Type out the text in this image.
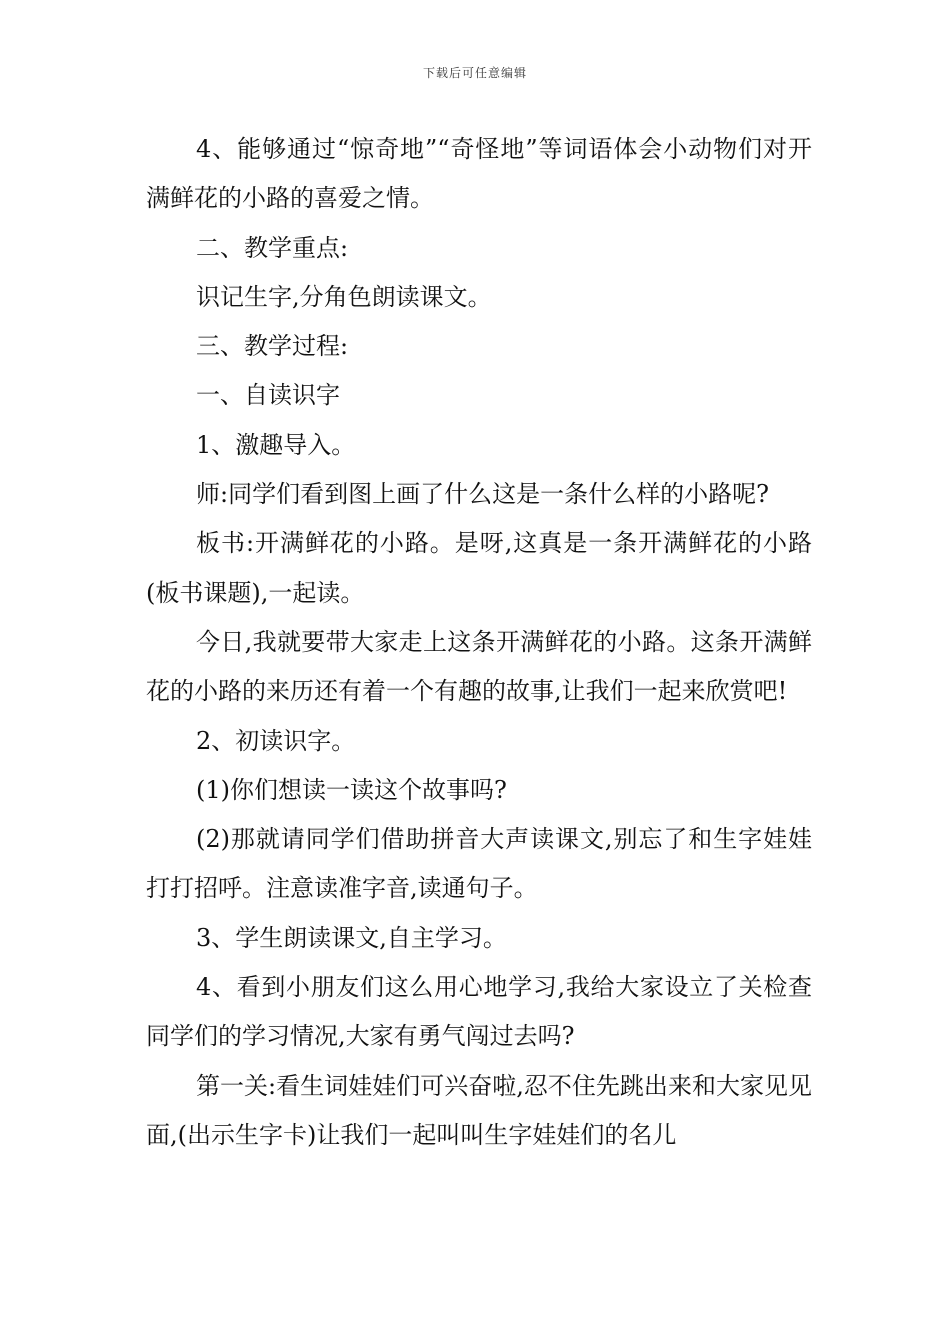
下载后可任意编辑

4、能够通过“惊奇地”“奇怪地”等词语体会小动物们对开满鲜花的小路的喜爱之情。

二、教学重点:

识记生字,分角色朗读课文。

三、教学过程:

一、自读识字

1、激趣导入。

师:同学们看到图上画了什么这是一条什么样的小路呢?

板书:开满鲜花的小路。是呀,这真是一条开满鲜花的小路(板书课题),一起读。

今日,我就要带大家走上这条开满鲜花的小路。这条开满鲜花的小路的来历还有着一个有趣的故事,让我们一起来欣赏吧!

2、初读识字。

(1)你们想读一读这个故事吗?

(2)那就请同学们借助拼音大声读课文,别忘了和生字娃娃打打招呼。注意读准字音,读通句子。

3、学生朗读课文,自主学习。

4、看到小朋友们这么用心地学习,我给大家设立了关检查同学们的学习情况,大家有勇气闯过去吗?

第一关:看生词娃娃们可兴奋啦,忍不住先跳出来和大家见见面,(出示生字卡)让我们一起叫叫生字娃娃们的名儿
